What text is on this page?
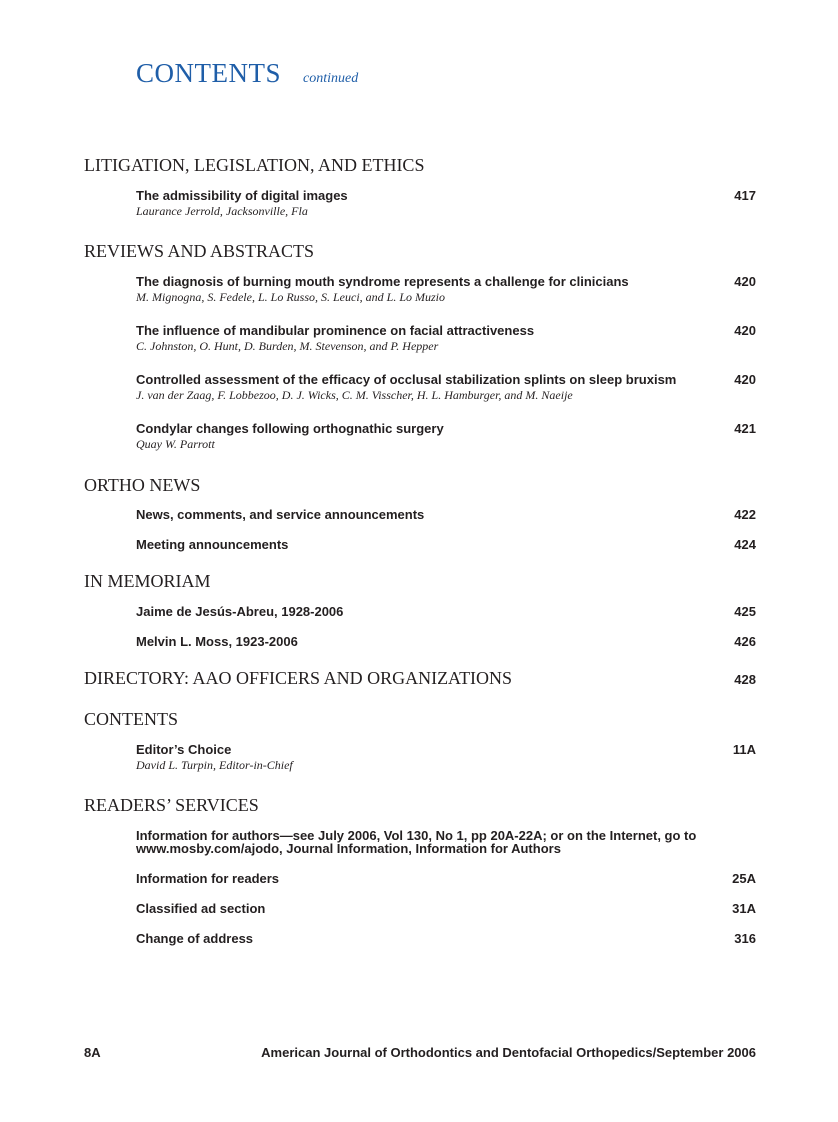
CONTENTS continued
LITIGATION, LEGISLATION, AND ETHICS
The admissibility of digital images	417
Laurance Jerrold, Jacksonville, Fla
REVIEWS AND ABSTRACTS
The diagnosis of burning mouth syndrome represents a challenge for clinicians	420
M. Mignogna, S. Fedele, L. Lo Russo, S. Leuci, and L. Lo Muzio
The influence of mandibular prominence on facial attractiveness	420
C. Johnston, O. Hunt, D. Burden, M. Stevenson, and P. Hepper
Controlled assessment of the efficacy of occlusal stabilization splints on sleep bruxism	420
J. van der Zaag, F. Lobbezoo, D. J. Wicks, C. M. Visscher, H. L. Hamburger, and M. Naeije
Condylar changes following orthognathic surgery	421
Quay W. Parrott
ORTHO NEWS
News, comments, and service announcements	422
Meeting announcements	424
IN MEMORIAM
Jaime de Jesús-Abreu, 1928-2006	425
Melvin L. Moss, 1923-2006	426
DIRECTORY: AAO OFFICERS AND ORGANIZATIONS	428
CONTENTS
Editor’s Choice	11A
David L. Turpin, Editor-in-Chief
READERS’ SERVICES
Information for authors—see July 2006, Vol 130, No 1, pp 20A-22A; or on the Internet, go to www.mosby.com/ajodo, Journal Information, Information for Authors
Information for readers	25A
Classified ad section	31A
Change of address	316
8A	American Journal of Orthodontics and Dentofacial Orthopedics/September 2006
